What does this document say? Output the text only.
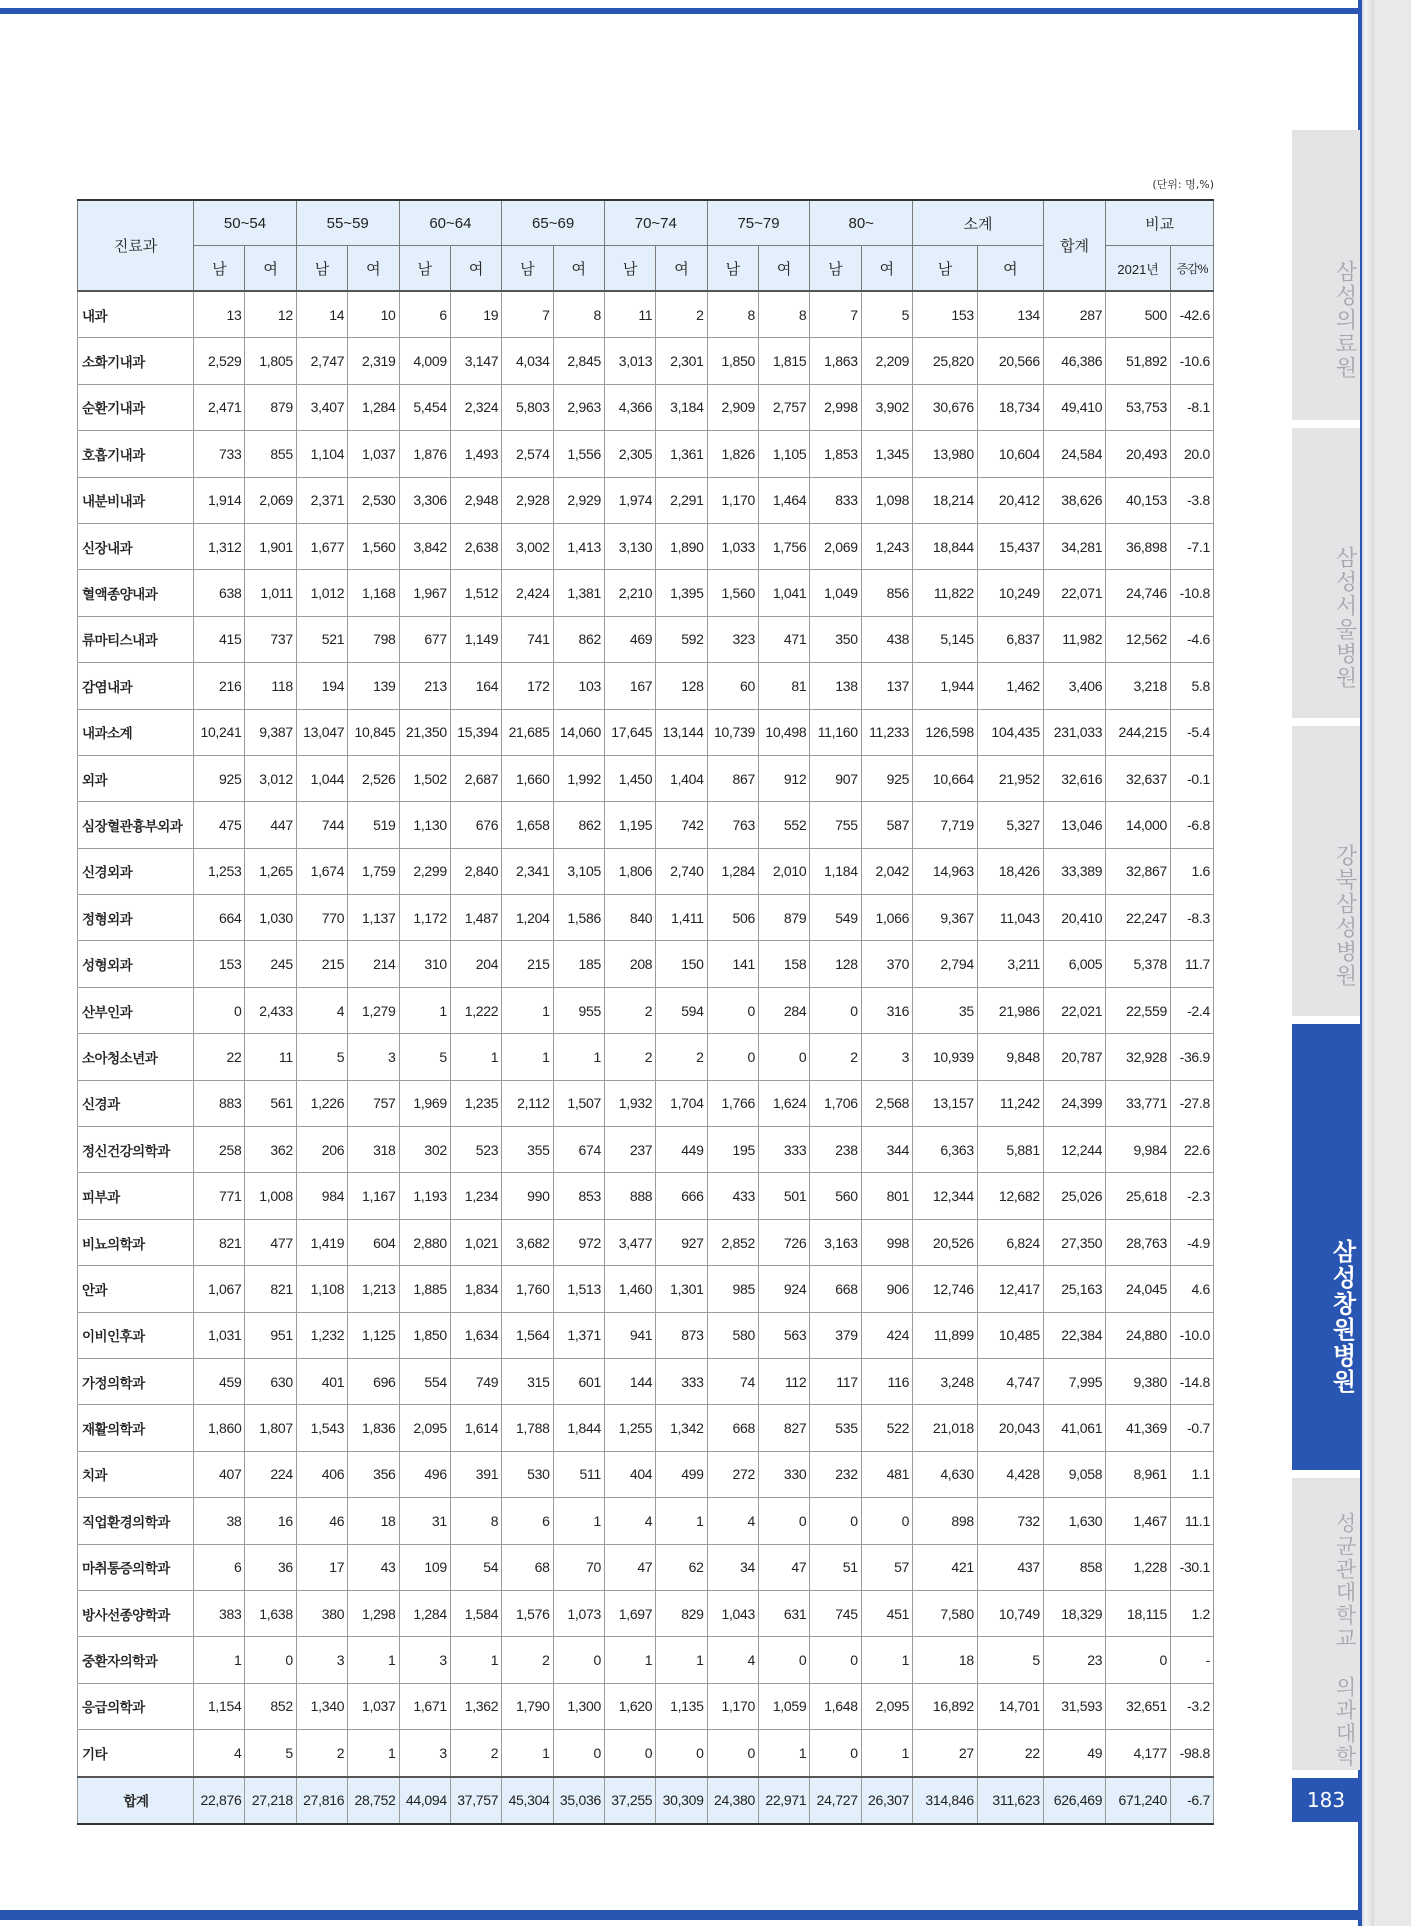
(단위: 명,%)
진료과	50~54		55~59		60~64		65~69		70~74		75~79		80~		소계		합계	비교	
	남	여	남	여	남	여	남	여	남	여	남	여	남	여	남	여		2021년	증감%
내과	13	12	14	10	6	19	7	8	11	2	8	8	7	5	153	134	287	500	-42.6
소화기내과	2,529	1,805	2,747	2,319	4,009	3,147	4,034	2,845	3,013	2,301	1,850	1,815	1,863	2,209	25,820	20,566	46,386	51,892	-10.6
순환기내과	2,471	879	3,407	1,284	5,454	2,324	5,803	2,963	4,366	3,184	2,909	2,757	2,998	3,902	30,676	18,734	49,410	53,753	-8.1
호흡기내과	733	855	1,104	1,037	1,876	1,493	2,574	1,556	2,305	1,361	1,826	1,105	1,853	1,345	13,980	10,604	24,584	20,493	20.0
내분비내과	1,914	2,069	2,371	2,530	3,306	2,948	2,928	2,929	1,974	2,291	1,170	1,464	833	1,098	18,214	20,412	38,626	40,153	-3.8
신장내과	1,312	1,901	1,677	1,560	3,842	2,638	3,002	1,413	3,130	1,890	1,033	1,756	2,069	1,243	18,844	15,437	34,281	36,898	-7.1
혈액종양내과	638	1,011	1,012	1,168	1,967	1,512	2,424	1,381	2,210	1,395	1,560	1,041	1,049	856	11,822	10,249	22,071	24,746	-10.8
류마티스내과	415	737	521	798	677	1,149	741	862	469	592	323	471	350	438	5,145	6,837	11,982	12,562	-4.6
감염내과	216	118	194	139	213	164	172	103	167	128	60	81	138	137	1,944	1,462	3,406	3,218	5.8
내과소계	10,241	9,387	13,047	10,845	21,350	15,394	21,685	14,060	17,645	13,144	10,739	10,498	11,160	11,233	126,598	104,435	231,033	244,215	-5.4
외과	925	3,012	1,044	2,526	1,502	2,687	1,660	1,992	1,450	1,404	867	912	907	925	10,664	21,952	32,616	32,637	-0.1
심장혈관흉부외과	475	447	744	519	1,130	676	1,658	862	1,195	742	763	552	755	587	7,719	5,327	13,046	14,000	-6.8
신경외과	1,253	1,265	1,674	1,759	2,299	2,840	2,341	3,105	1,806	2,740	1,284	2,010	1,184	2,042	14,963	18,426	33,389	32,867	1.6
정형외과	664	1,030	770	1,137	1,172	1,487	1,204	1,586	840	1,411	506	879	549	1,066	9,367	11,043	20,410	22,247	-8.3
성형외과	153	245	215	214	310	204	215	185	208	150	141	158	128	370	2,794	3,211	6,005	5,378	11.7
산부인과	0	2,433	4	1,279	1	1,222	1	955	2	594	0	284	0	316	35	21,986	22,021	22,559	-2.4
소아청소년과	22	11	5	3	5	1	1	1	2	2	0	0	2	3	10,939	9,848	20,787	32,928	-36.9
신경과	883	561	1,226	757	1,969	1,235	2,112	1,507	1,932	1,704	1,766	1,624	1,706	2,568	13,157	11,242	24,399	33,771	-27.8
정신건강의학과	258	362	206	318	302	523	355	674	237	449	195	333	238	344	6,363	5,881	12,244	9,984	22.6
피부과	771	1,008	984	1,167	1,193	1,234	990	853	888	666	433	501	560	801	12,344	12,682	25,026	25,618	-2.3
비뇨의학과	821	477	1,419	604	2,880	1,021	3,682	972	3,477	927	2,852	726	3,163	998	20,526	6,824	27,350	28,763	-4.9
안과	1,067	821	1,108	1,213	1,885	1,834	1,760	1,513	1,460	1,301	985	924	668	906	12,746	12,417	25,163	24,045	4.6
이비인후과	1,031	951	1,232	1,125	1,850	1,634	1,564	1,371	941	873	580	563	379	424	11,899	10,485	22,384	24,880	-10.0
가정의학과	459	630	401	696	554	749	315	601	144	333	74	112	117	116	3,248	4,747	7,995	9,380	-14.8
재활의학과	1,860	1,807	1,543	1,836	2,095	1,614	1,788	1,844	1,255	1,342	668	827	535	522	21,018	20,043	41,061	41,369	-0.7
치과	407	224	406	356	496	391	530	511	404	499	272	330	232	481	4,630	4,428	9,058	8,961	1.1
직업환경의학과	38	16	46	18	31	8	6	1	4	1	4	0	0	0	898	732	1,630	1,467	11.1
마취통증의학과	6	36	17	43	109	54	68	70	47	62	34	47	51	57	421	437	858	1,228	-30.1
방사선종양학과	383	1,638	380	1,298	1,284	1,584	1,576	1,073	1,697	829	1,043	631	745	451	7,580	10,749	18,329	18,115	1.2
중환자의학과	1	0	3	1	3	1	2	0	1	1	4	0	0	1	18	5	23	0	-
응급의학과	1,154	852	1,340	1,037	1,671	1,362	1,790	1,300	1,620	1,135	1,170	1,059	1,648	2,095	16,892	14,701	31,593	32,651	-3.2
기타	4	5	2	1	3	2	1	0	0	0	0	1	0	1	27	22	49	4,177	-98.8
합계	22,876	27,218	27,816	28,752	44,094	37,757	45,304	35,036	37,255	30,309	24,380	22,971	24,727	26,307	314,846	311,623	626,469	671,240	-6.7
삼성의료원
삼성서울병원
강북삼성병원
삼성창원병원
성균관대학교 의과대학
183
